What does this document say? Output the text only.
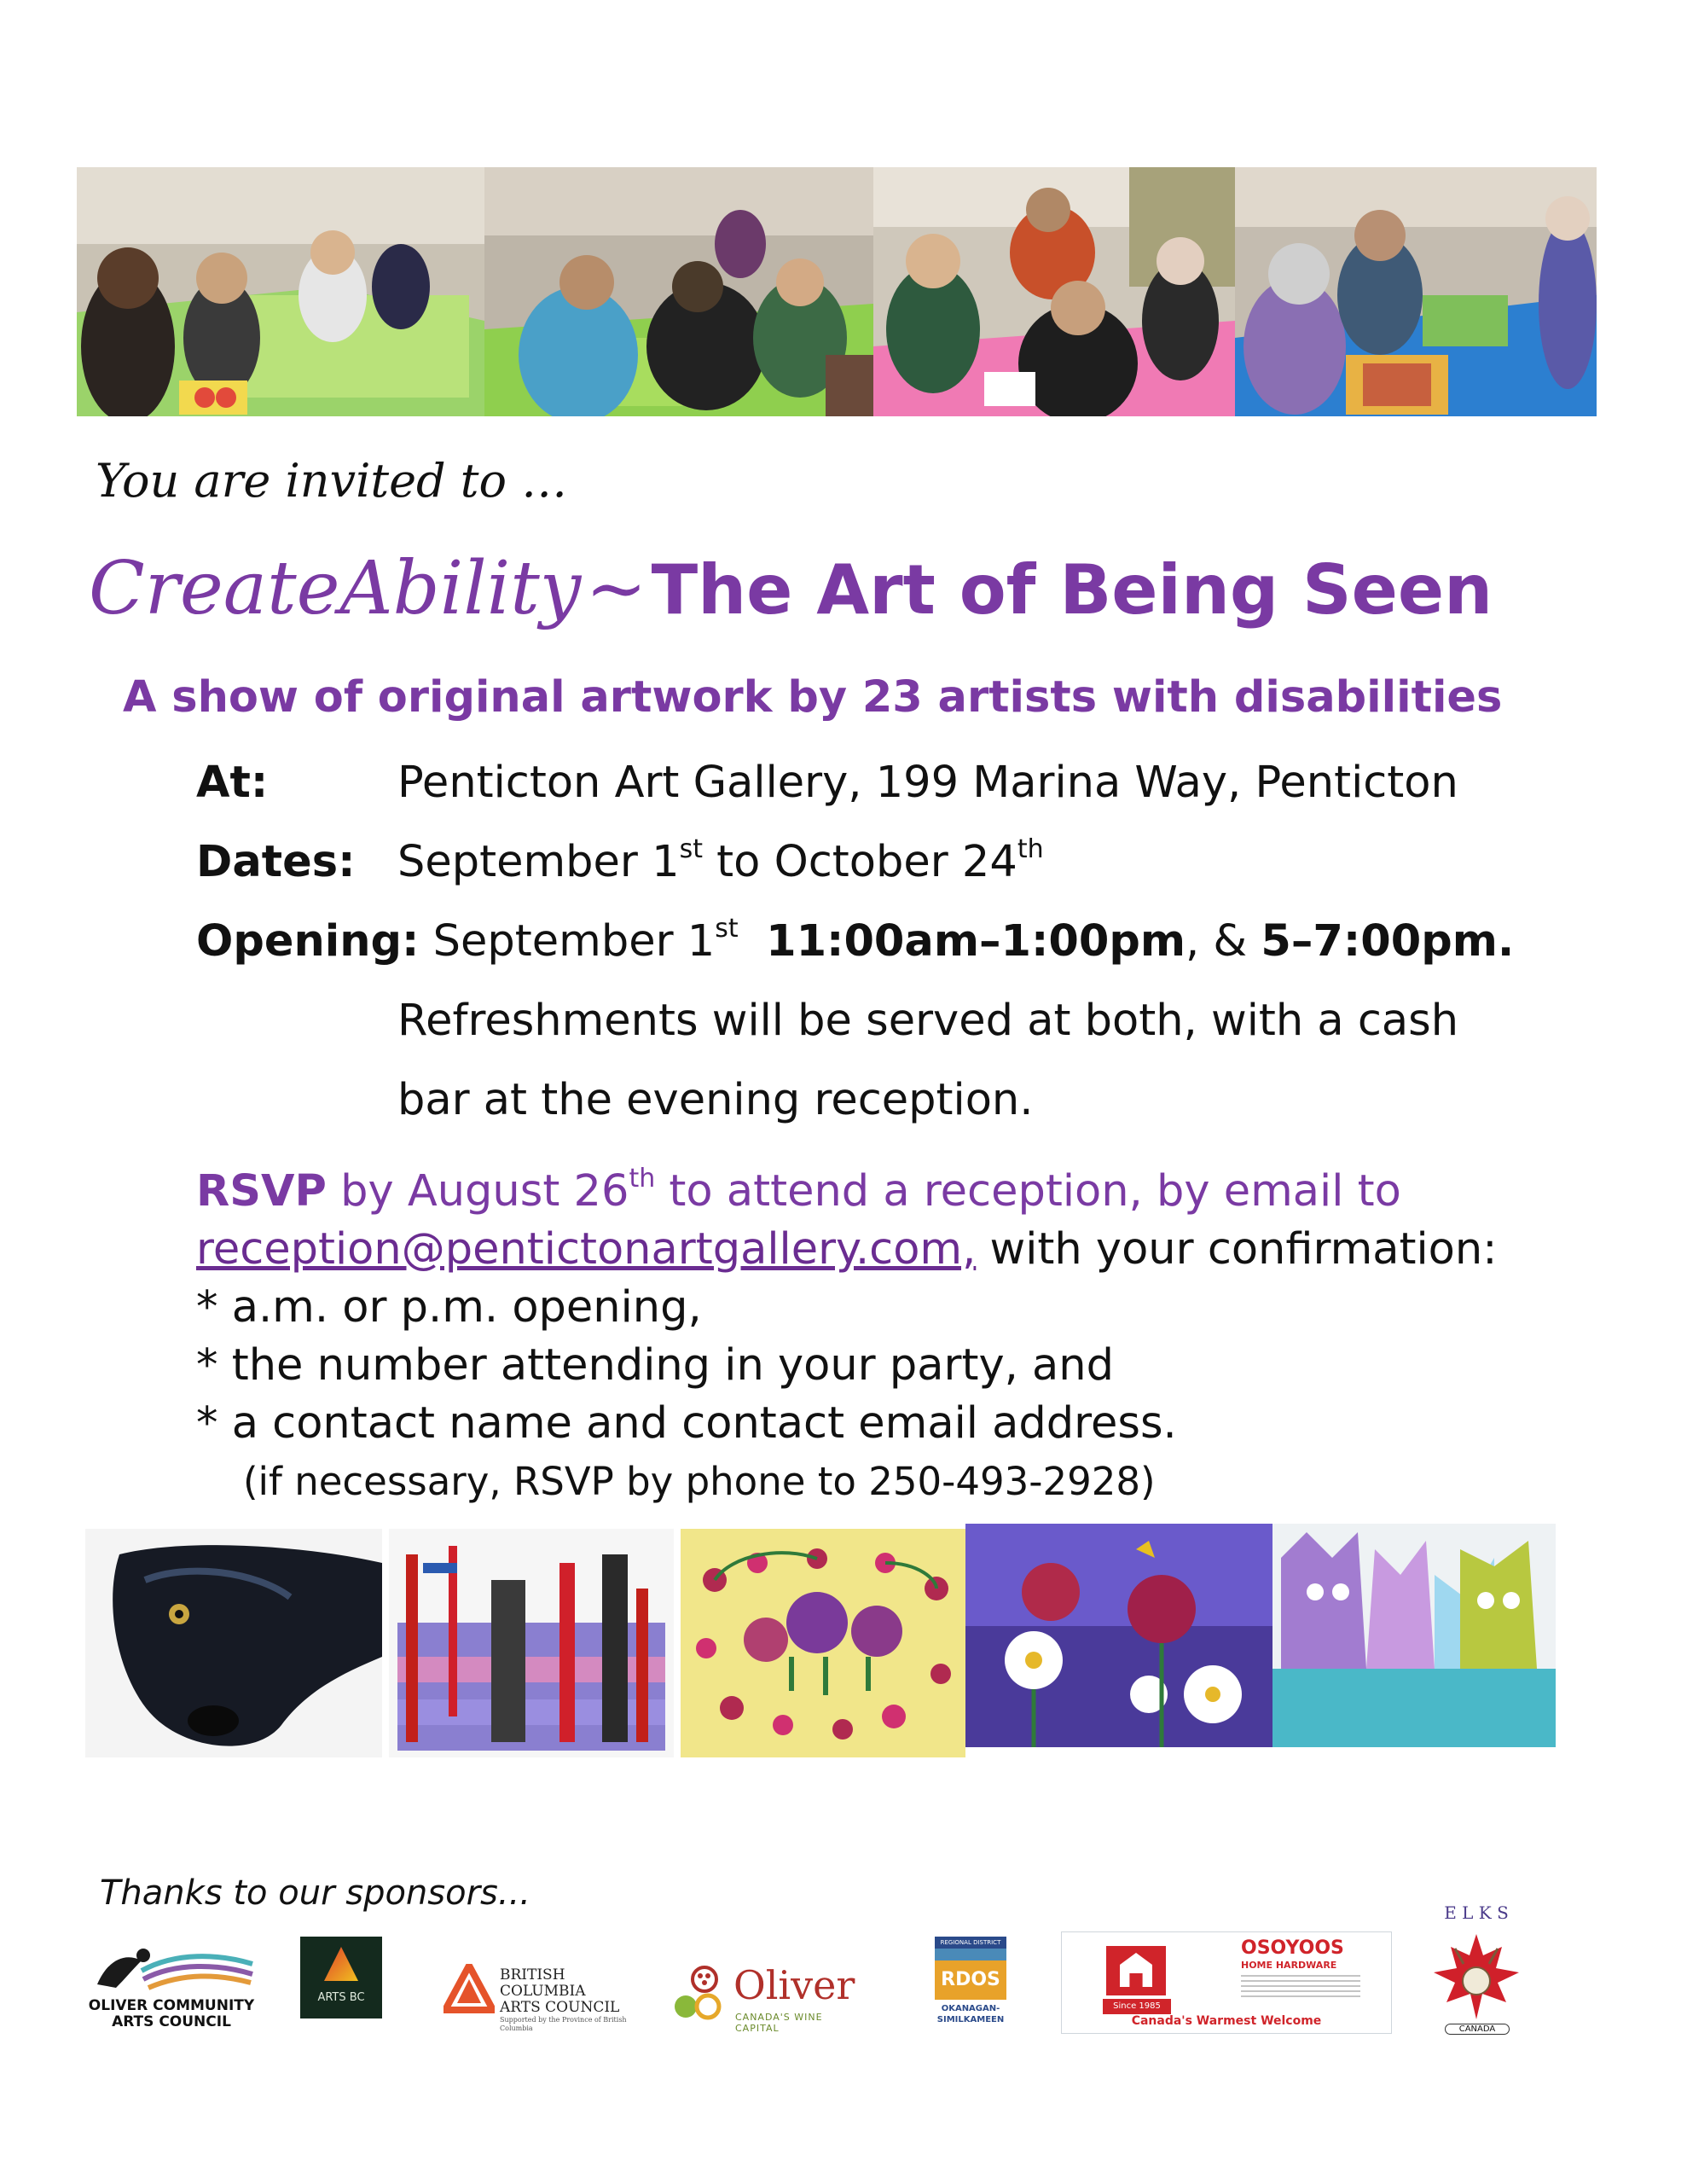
You are invited to …
CreateAbility ~ The Art of Being Seen
A show of original artwork by 23 artists with disabilities
At:	Penticton Art Gallery, 199 Marina Way, Penticton
Dates: September 1st to October 24th
Opening: September 1st 11:00am–1:00pm, & 5–7:00pm.
Refreshments will be served at both, with a cash
bar at the evening reception.
RSVP by August 26th to attend a reception, by email to
reception@pentictonartgallery.com, with your confirmation:
* a.m. or p.m. opening,
* the number attending in your party, and
* a contact name and contact email address.
(if necessary, RSVP by phone to 250-493-2928)
Thanks to our sponsors...
OLIVER COMMUNITY ARTS COUNCIL
ARTS BC
BRITISH COLUMBIA
ARTS COUNCIL
Supported by the Province of British Columbia
Oliver
CANADA'S WINE CAPITAL
REGIONAL DISTRICT
RDOS
OKANAGAN-
SIMILKAMEEN
Since 1985
OSOYOOS
HOME HARDWARE
Canada's Warmest Welcome
E L K S
CANADA
